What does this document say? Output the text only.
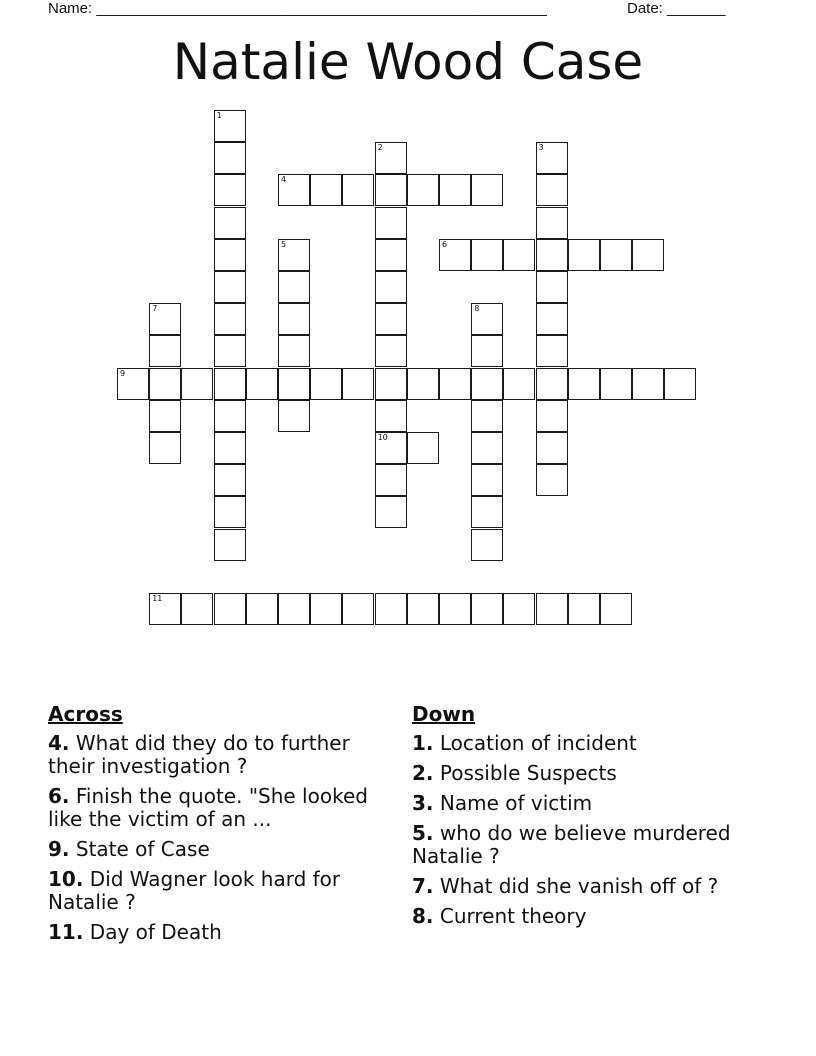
Name: ______________________________________________________	Date: _______
Natalie Wood Case
1
2
10
3
4
5	6
7	8
9
11
Across
4. What did they do to further their investigation ?
6. Finish the quote. "She looked like the victim of an ...
9. State of Case
10. Did Wagner look hard for Natalie ?
11. Day of Death
Down
1. Location of incident
2. Possible Suspects
3. Name of victim
5. who do we believe murdered Natalie ?
7. What did she vanish off of ?
8. Current theory
